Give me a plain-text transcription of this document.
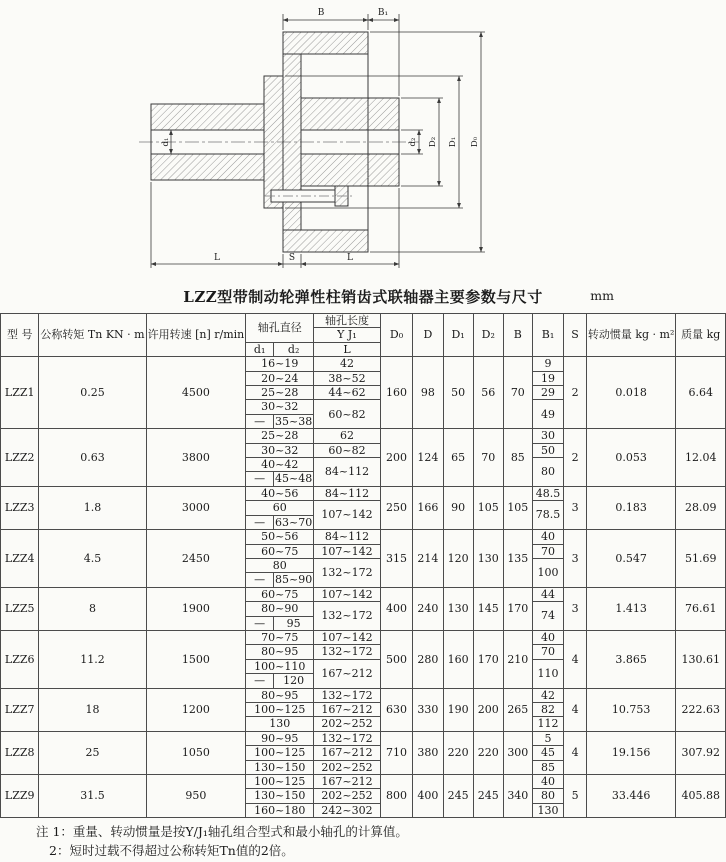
B	B₁
L	S	L
d₁	d₂ D₂ D₁ D₀
LZZ型带制动轮弹性柱销齿式联轴器主要参数与尺寸	mm
型 号	公称转矩 Tn KN · m	许用转速 [n] r/min	轴孔直径		轴孔长度	D₀	D	D₁	D₂	B	B₁	S	转动惯量 kg · m²	质量 kg
					Y J₁									
			d₁	d₂	L									
LZZ1	0.25	4500	16~19		42	160	98	50	56	70	9	2	0.018	6.64
			20~24		38~52						19			
			25~28		44~62						29			
			30~32		60~82						49			
			—	35~38										
LZZ2	0.63	3800	25~28		62	200	124	65	70	85	30	2	0.053	12.04
			30~32		60~82						50			
			40~42		84~112						80			
			—	45~48										
LZZ3	1.8	3000	40~56		84~112	250	166	90	105	105	48.5	3	0.183	28.09
			60		107~142						78.5			
			—	63~70										
LZZ4	4.5	2450	50~56		84~112	315	214	120	130	135	40	3	0.547	51.69
			60~75		107~142						70			
			80		132~172						100			
			—	85~90										
LZZ5	8	1900	60~75		107~142	400	240	130	145	170	44	3	1.413	76.61
			80~90		132~172						74			
			—	95										
LZZ6	11.2	1500	70~75		107~142	500	280	160	170	210	40	4	3.865	130.61
			80~95		132~172						70			
			100~110		167~212						110			
			—	120										
LZZ7	18	1200	80~95		132~172	630	330	190	200	265	42	4	10.753	222.63
			100~125		167~212						82			
			130		202~252						112			
LZZ8	25	1050	90~95		132~172	710	380	220	220	300	5	4	19.156	307.92
			100~125		167~212						45			
			130~150		202~252						85			
LZZ9	31.5	950	100~125		167~212	800	400	245	245	340	40	5	33.446	405.88
			130~150		202~252						80			
			160~180		242~302						130			
注 1：重量、转动惯量是按Y/J₁轴孔组合型式和最小轴孔的计算值。
2：短时过载不得超过公称转矩Tn值的2倍。
